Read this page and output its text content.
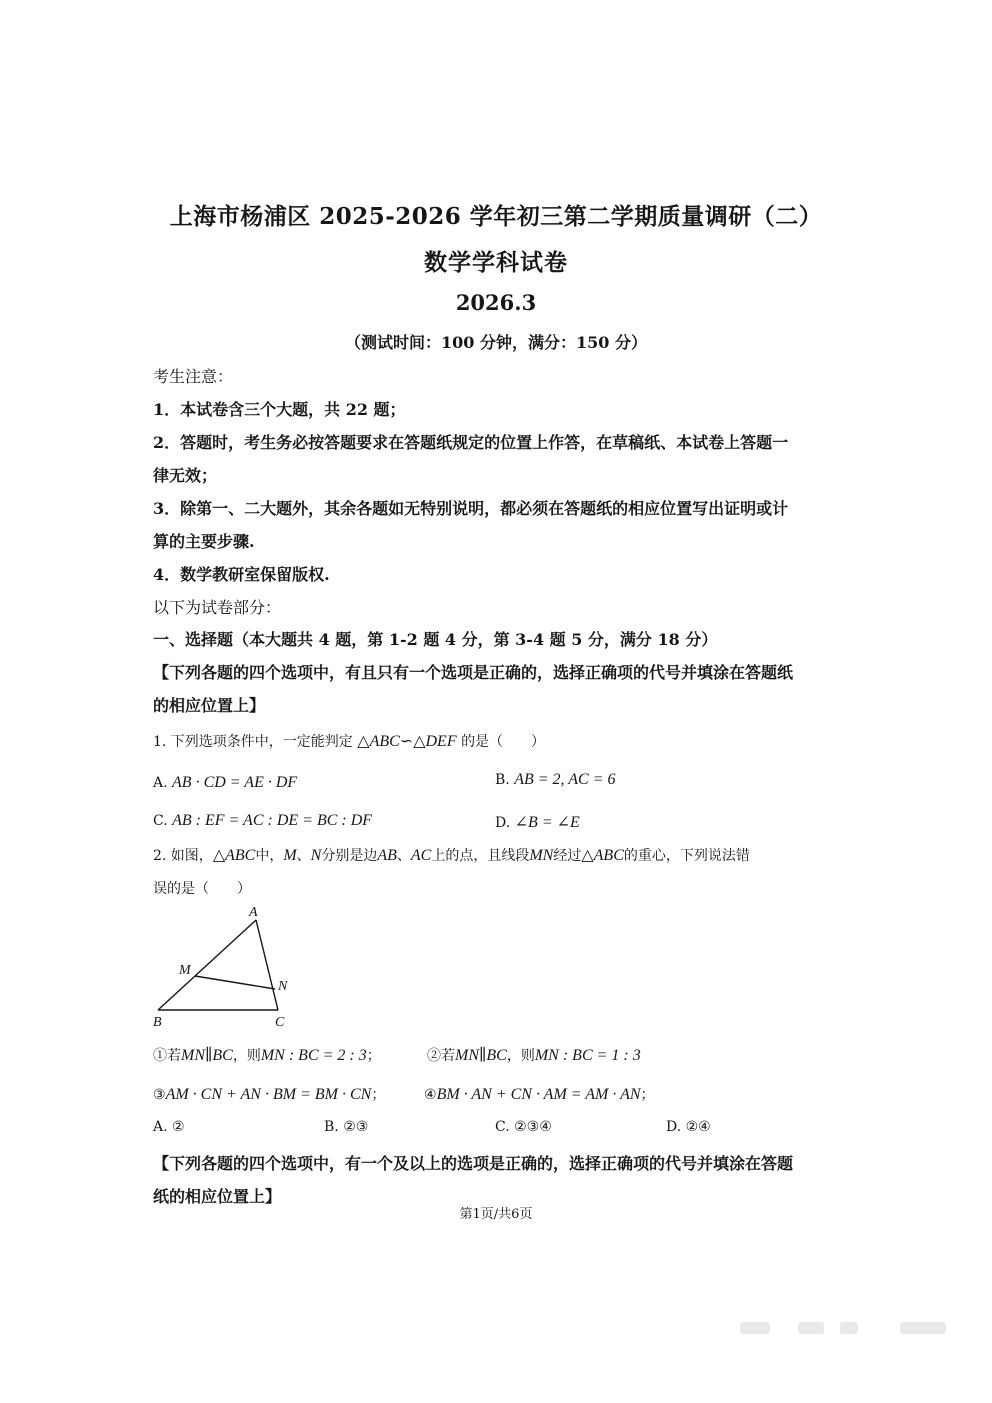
上海市杨浦区 2025-2026 学年初三第二学期质量调研（二）
数学学科试卷
2026.3
（测试时间：100 分钟，满分：150 分）
考生注意：
1．本试卷含三个大题，共 22 题；
2．答题时，考生务必按答题要求在答题纸规定的位置上作答，在草稿纸、本试卷上答题一
律无效；
3．除第一、二大题外，其余各题如无特别说明，都必须在答题纸的相应位置写出证明或计
算的主要步骤.
4．数学教研室保留版权.
以下为试卷部分：
一、选择题（本大题共 4 题，第 1-2 题 4 分，第 3-4 题 5 分，满分 18 分）
【下列各题的四个选项中，有且只有一个选项是正确的，选择正确项的代号并填涂在答题纸
的相应位置上】
1. 下列选项条件中，一定能判定 △ABC∽△DEF 的是（　　）
A. AB · CD = AE · DF	B. AB = 2, AC = 6
C. AB : EF = AC : DE = BC : DF	D. ∠B = ∠E
2. 如图，△ABC中，M、N分别是边AB、AC上的点，且线段MN经过△ABC的重心，下列说法错
误的是（　　）
A
M
N
B	C
①若MN∥BC，则MN : BC = 2 : 3；	②若MN∥BC，则MN : BC = 1 : 3
③AM · CN + AN · BM = BM · CN；	④BM · AN + CN · AM = AM · AN；
A. ②	B. ②③	C. ②③④	D. ②④
【下列各题的四个选项中，有一个及以上的选项是正确的，选择正确项的代号并填涂在答题
纸的相应位置上】
第1页/共6页
